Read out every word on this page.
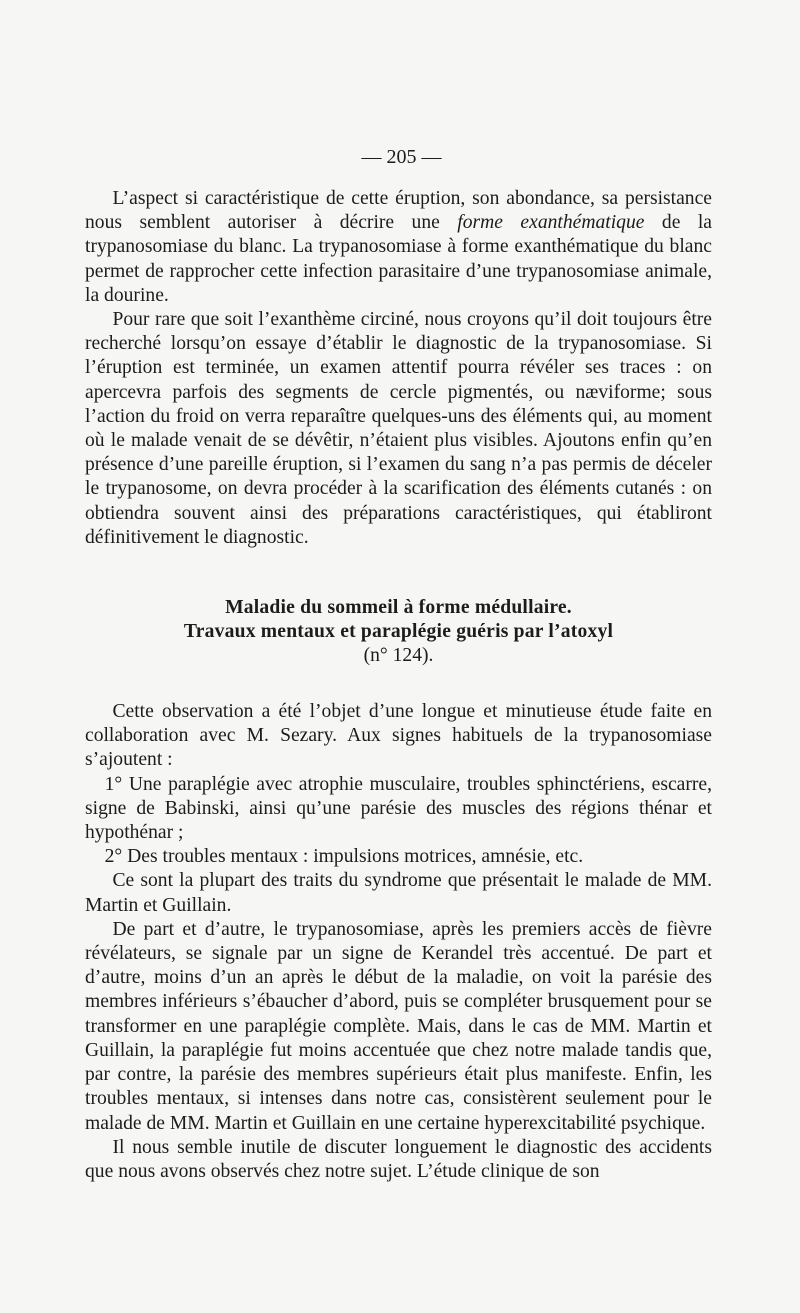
— 205 —

L’aspect si caractéristique de cette éruption, son abondance, sa persistance nous semblent autoriser à décrire une forme exanthématique de la trypanosomiase du blanc. La trypanosomiase à forme exanthématique du blanc permet de rapprocher cette infection parasitaire d’une trypanosomiase animale, la dourine.

Pour rare que soit l’exanthème circiné, nous croyons qu’il doit toujours être recherché lorsqu’on essaye d’établir le diagnostic de la trypanosomiase. Si l’éruption est terminée, un examen attentif pourra révéler ses traces : on apercevra parfois des segments de cercle pigmentés, ou næviforme; sous l’action du froid on verra reparaître quelques-uns des éléments qui, au moment où le malade venait de se dévêtir, n’étaient plus visibles. Ajoutons enfin qu’en présence d’une pareille éruption, si l’examen du sang n’a pas permis de déceler le trypanosome, on devra procéder à la scarification des éléments cutanés : on obtiendra souvent ainsi des préparations caractéristiques, qui établiront définitivement le diagnostic.

Maladie du sommeil à forme médullaire.
Travaux mentaux et paraplégie guéris par l’atoxyl
(n° 124).

Cette observation a été l’objet d’une longue et minutieuse étude faite en collaboration avec M. Sezary. Aux signes habituels de la trypanosomiase s’ajoutent :

1° Une paraplégie avec atrophie musculaire, troubles sphinctériens, escarre, signe de Babinski, ainsi qu’une parésie des muscles des régions thénar et hypothénar ;

2° Des troubles mentaux : impulsions motrices, amnésie, etc.

Ce sont la plupart des traits du syndrome que présentait le malade de MM. Martin et Guillain.

De part et d’autre, le trypanosomiase, après les premiers accès de fièvre révélateurs, se signale par un signe de Kerandel très accentué. De part et d’autre, moins d’un an après le début de la maladie, on voit la parésie des membres inférieurs s’ébaucher d’abord, puis se compléter brusquement pour se transformer en une paraplégie complète. Mais, dans le cas de MM. Martin et Guillain, la paraplégie fut moins accentuée que chez notre malade tandis que, par contre, la parésie des membres supérieurs était plus manifeste. Enfin, les troubles mentaux, si intenses dans notre cas, consistèrent seulement pour le malade de MM. Martin et Guillain en une certaine hyperexcitabilité psychique.

Il nous semble inutile de discuter longuement le diagnostic des accidents que nous avons observés chez notre sujet. L’étude clinique de son
